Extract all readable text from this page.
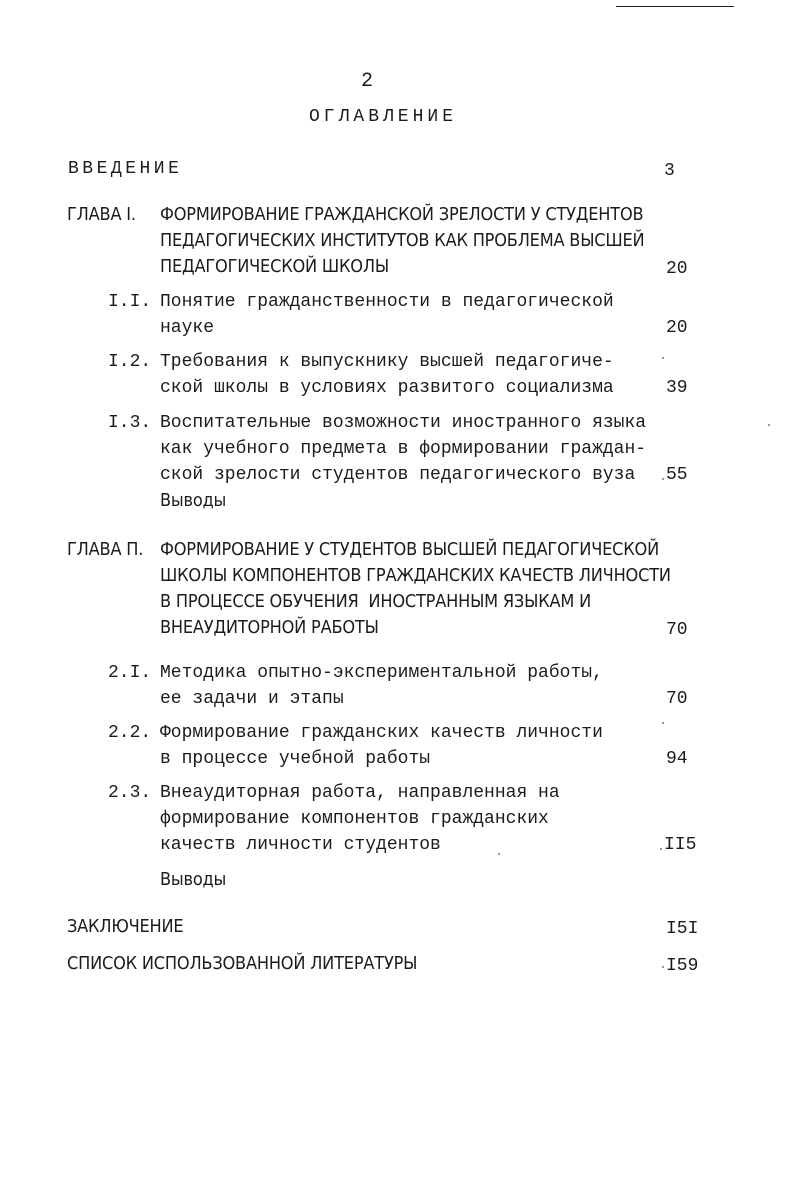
2
ОГЛАВЛЕНИЕ
ВВЕДЕНИЕ	3
ГЛАВА I. ФОРМИРОВАНИЕ ГРАЖДАНСКОЙ ЗРЕЛОСТИ У СТУДЕНТОВ
ПЕДАГОГИЧЕСКИХ ИНСТИТУТОВ КАК ПРОБЛЕМА ВЫСШЕЙ
ПЕДАГОГИЧЕСКОЙ ШКОЛЫ	20
I.I. Понятие гражданственности в педагогической
науке	20
I.2. Требования к выпускнику высшей педагогиче-
ской школы в условиях развитого социализма	39
I.3. Воспитательные возможности иностранного языка
как учебного предмета в формировании граждан-
ской зрелости студентов педагогического вуза 55
Выводы
ГЛАВА П. ФОРМИРОВАНИЕ У СТУДЕНТОВ ВЫСШЕЙ ПЕДАГОГИЧЕСКОЙ
ШКОЛЫ КОМПОНЕНТОВ ГРАЖДАНСКИХ КАЧЕСТВ ЛИЧНОСТИ
В ПРОЦЕССЕ ОБУЧЕНИЯ  ИНОСТРАННЫМ ЯЗЫКАМ И
ВНЕАУДИТОРНОЙ РАБОТЫ	70
2.I. Методика опытно-экспериментальной работы,
ее задачи и этапы	70
2.2. Формирование гражданских качеств личности
в процессе учебной работы	94
2.3. Внеаудиторная работа, направленная на
формирование компонентов гражданских
качеств личности студентов	II5
Выводы
ЗАКЛЮЧЕНИЕ	I5I
СПИСОК ИСПОЛЬЗОВАННОЙ ЛИТЕРАТУРЫ	I59
